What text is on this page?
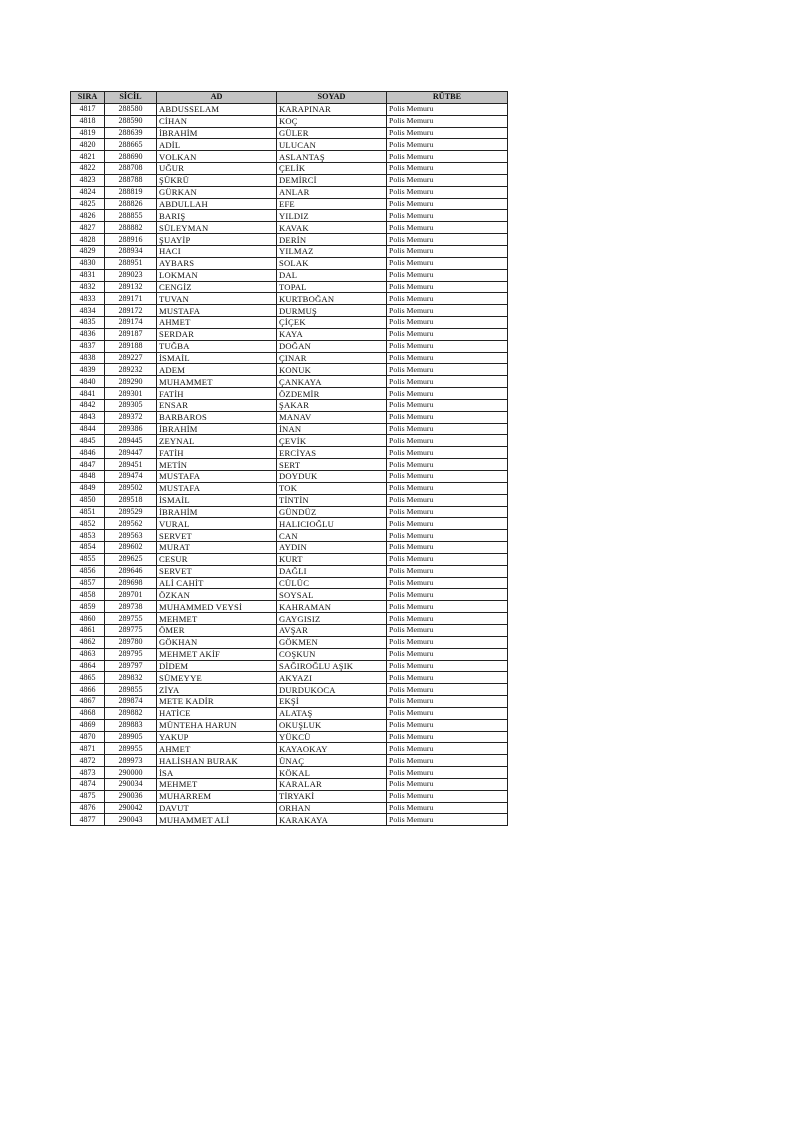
SIRA	SİCİL	AD	SOYAD	RÜTBE
4817	288580	ABDUSSELAM	KARAPINAR	Polis Memuru
4818	288590	CİHAN	KOÇ	Polis Memuru
4819	288639	İBRAHİM	GÜLER	Polis Memuru
4820	288665	ADİL	ULUCAN	Polis Memuru
4821	288690	VOLKAN	ASLANTAŞ	Polis Memuru
4822	288708	UĞUR	ÇELİK	Polis Memuru
4823	288788	ŞÜKRÜ	DEMİRCİ	Polis Memuru
4824	288819	GÜRKAN	ANLAR	Polis Memuru
4825	288826	ABDULLAH	EFE	Polis Memuru
4826	288855	BARIŞ	YILDIZ	Polis Memuru
4827	288882	SÜLEYMAN	KAVAK	Polis Memuru
4828	288916	ŞUAYİP	DERİN	Polis Memuru
4829	288934	HACI	YILMAZ	Polis Memuru
4830	288951	AYBARS	SOLAK	Polis Memuru
4831	289023	LOKMAN	DAL	Polis Memuru
4832	289132	CENGİZ	TOPAL	Polis Memuru
4833	289171	TUVAN	KURTBOĞAN	Polis Memuru
4834	289172	MUSTAFA	DURMUŞ	Polis Memuru
4835	289174	AHMET	ÇİÇEK	Polis Memuru
4836	289187	SERDAR	KAYA	Polis Memuru
4837	289188	TUĞBA	DOĞAN	Polis Memuru
4838	289227	İSMAİL	ÇINAR	Polis Memuru
4839	289232	ADEM	KONUK	Polis Memuru
4840	289290	MUHAMMET	ÇANKAYA	Polis Memuru
4841	289301	FATİH	ÖZDEMİR	Polis Memuru
4842	289305	ENSAR	ŞAKAR	Polis Memuru
4843	289372	BARBAROS	MANAV	Polis Memuru
4844	289386	İBRAHİM	İNAN	Polis Memuru
4845	289445	ZEYNAL	ÇEVİK	Polis Memuru
4846	289447	FATİH	ERCİYAS	Polis Memuru
4847	289451	METİN	SERT	Polis Memuru
4848	289474	MUSTAFA	DOYDUK	Polis Memuru
4849	289502	MUSTAFA	TOK	Polis Memuru
4850	289518	İSMAİL	TİNTİN	Polis Memuru
4851	289529	İBRAHİM	GÜNDÜZ	Polis Memuru
4852	289562	VURAL	HALICIOĞLU	Polis Memuru
4853	289563	SERVET	CAN	Polis Memuru
4854	289602	MURAT	AYDIN	Polis Memuru
4855	289625	CESUR	KURT	Polis Memuru
4856	289646	SERVET	DAĞLI	Polis Memuru
4857	289698	ALİ CAHİT	CÜLÜC	Polis Memuru
4858	289701	ÖZKAN	SOYSAL	Polis Memuru
4859	289738	MUHAMMED VEYSİ	KAHRAMAN	Polis Memuru
4860	289755	MEHMET	GAYGISIZ	Polis Memuru
4861	289775	ÖMER	AVŞAR	Polis Memuru
4862	289780	GÖKHAN	GÖKMEN	Polis Memuru
4863	289795	MEHMET AKİF	COŞKUN	Polis Memuru
4864	289797	DİDEM	SAĞIROĞLU AŞIK	Polis Memuru
4865	289832	SÜMEYYE	AKYAZI	Polis Memuru
4866	289855	ZİYA	DURDUKOCA	Polis Memuru
4867	289874	METE KADİR	EKŞİ	Polis Memuru
4868	289882	HATİCE	ALATAŞ	Polis Memuru
4869	289883	MÜNTEHA HARUN	OKUŞLUK	Polis Memuru
4870	289905	YAKUP	YÜKCÜ	Polis Memuru
4871	289955	AHMET	KAYAOKAY	Polis Memuru
4872	289973	HALİSHAN BURAK	ÜNAÇ	Polis Memuru
4873	290000	İSA	KÖKAL	Polis Memuru
4874	290034	MEHMET	KARALAR	Polis Memuru
4875	290036	MUHARREM	TİRYAKİ	Polis Memuru
4876	290042	DAVUT	ORHAN	Polis Memuru
4877	290043	MUHAMMET ALİ	KARAKAYA	Polis Memuru
